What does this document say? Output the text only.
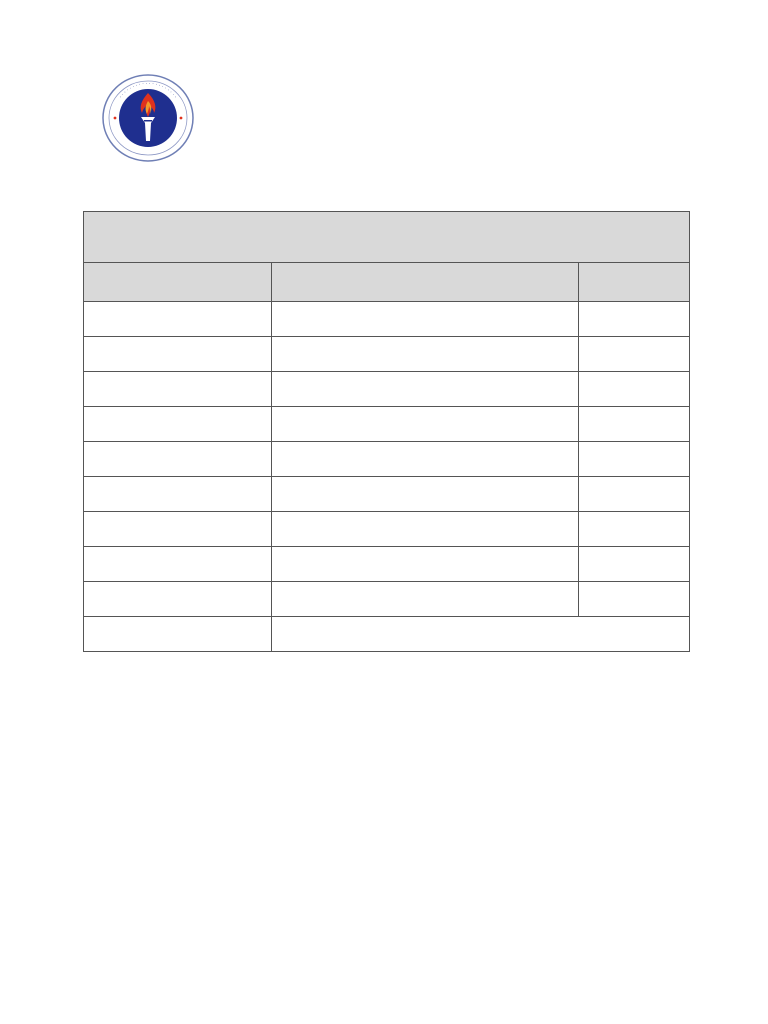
· · · · · · · · · · · · · · · · · · · ·
